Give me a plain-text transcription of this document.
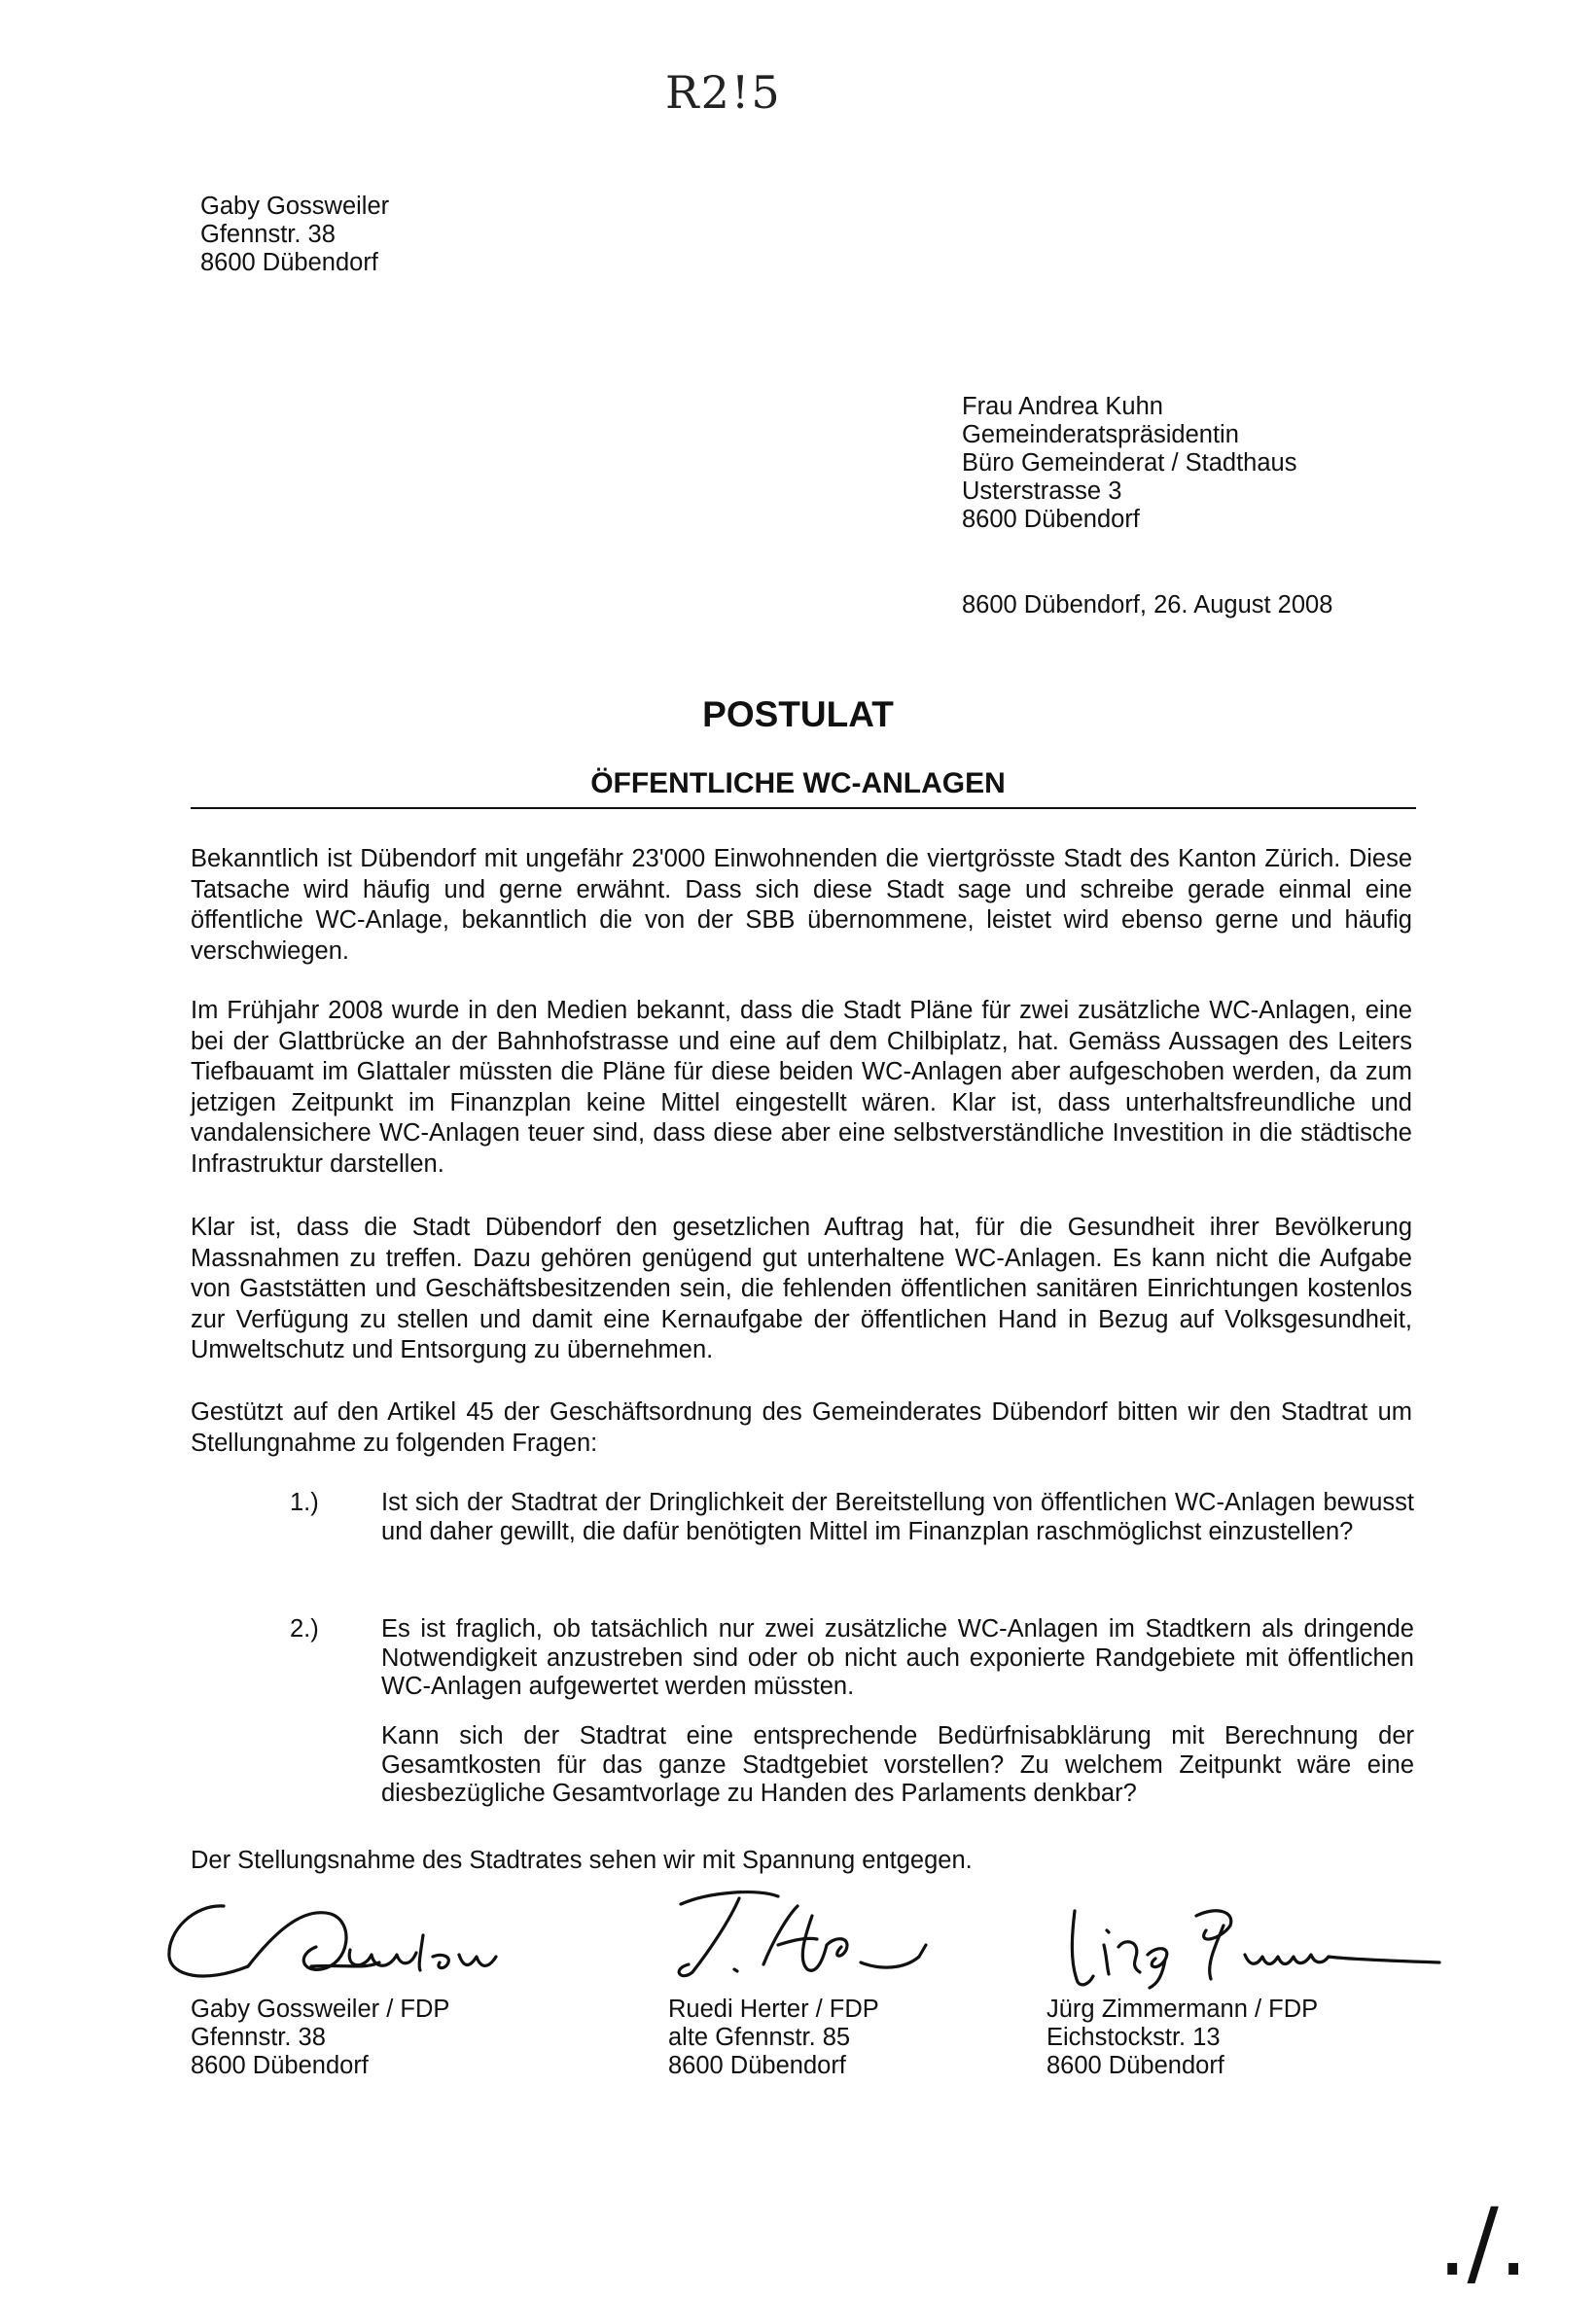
R2!5
Gaby Gossweiler
Gfennstr. 38
8600 Dübendorf
Frau Andrea Kuhn
Gemeinderatspräsidentin
Büro Gemeinderat / Stadthaus
Usterstrasse 3
8600 Dübendorf
8600 Dübendorf, 26. August 2008
POSTULAT
ÖFFENTLICHE WC-ANLAGEN
Bekanntlich ist Dübendorf mit ungefähr 23'000 Einwohnenden die viertgrösste Stadt des Kanton Zürich. Diese Tatsache wird häufig und gerne erwähnt. Dass sich diese Stadt sage und schreibe gerade einmal eine öffentliche WC-Anlage, bekanntlich die von der SBB übernommene, leistet wird ebenso gerne und häufig verschwiegen.
Im Frühjahr 2008 wurde in den Medien bekannt, dass die Stadt Pläne für zwei zusätzliche WC-Anlagen, eine bei der Glattbrücke an der Bahnhofstrasse und eine auf dem Chilbiplatz, hat. Gemäss Aussagen des Leiters Tiefbauamt im Glattaler müssten die Pläne für diese beiden WC-Anlagen aber aufgeschoben werden, da zum jetzigen Zeitpunkt im Finanzplan keine Mittel eingestellt wären. Klar ist, dass unterhaltsfreundliche und vandalensichere WC-Anlagen teuer sind, dass diese aber eine selbstverständliche Investition in die städtische Infrastruktur darstellen.
Klar ist, dass die Stadt Dübendorf den gesetzlichen Auftrag hat, für die Gesundheit ihrer Bevölkerung Massnahmen zu treffen. Dazu gehören genügend gut unterhaltene WC-Anlagen. Es kann nicht die Aufgabe von Gaststätten und Geschäftsbesitzenden sein, die fehlenden öffentlichen sanitären Einrichtungen kostenlos zur Verfügung zu stellen und damit eine Kernaufgabe der öffentlichen Hand in Bezug auf Volksgesundheit, Umweltschutz und Entsorgung zu übernehmen.
Gestützt auf den Artikel 45 der Geschäftsordnung des Gemeinderates Dübendorf bitten wir den Stadtrat um Stellungnahme zu folgenden Fragen:
1.)	Ist sich der Stadtrat der Dringlichkeit der Bereitstellung von öffentlichen WC-Anlagen bewusst und daher gewillt, die dafür benötigten Mittel im Finanzplan raschmöglichst einzustellen?
2.)	Es ist fraglich, ob tatsächlich nur zwei zusätzliche WC-Anlagen im Stadtkern als dringende Notwendigkeit anzustreben sind oder ob nicht auch exponierte Randgebiete mit öffentlichen WC-Anlagen aufgewertet werden müssten.
Kann sich der Stadtrat eine entsprechende Bedürfnisabklärung mit Berechnung der Gesamtkosten für das ganze Stadtgebiet vorstellen? Zu welchem Zeitpunkt wäre eine diesbezügliche Gesamtvorlage zu Handen des Parlaments denkbar?
Der Stellungsnahme des Stadtrates sehen wir mit Spannung entgegen.
Gaby Gossweiler / FDP
Gfennstr. 38
8600 Dübendorf
Ruedi Herter / FDP
alte Gfennstr. 85
8600 Dübendorf
Jürg Zimmermann / FDP
Eichstockstr. 13
8600 Dübendorf
./.
